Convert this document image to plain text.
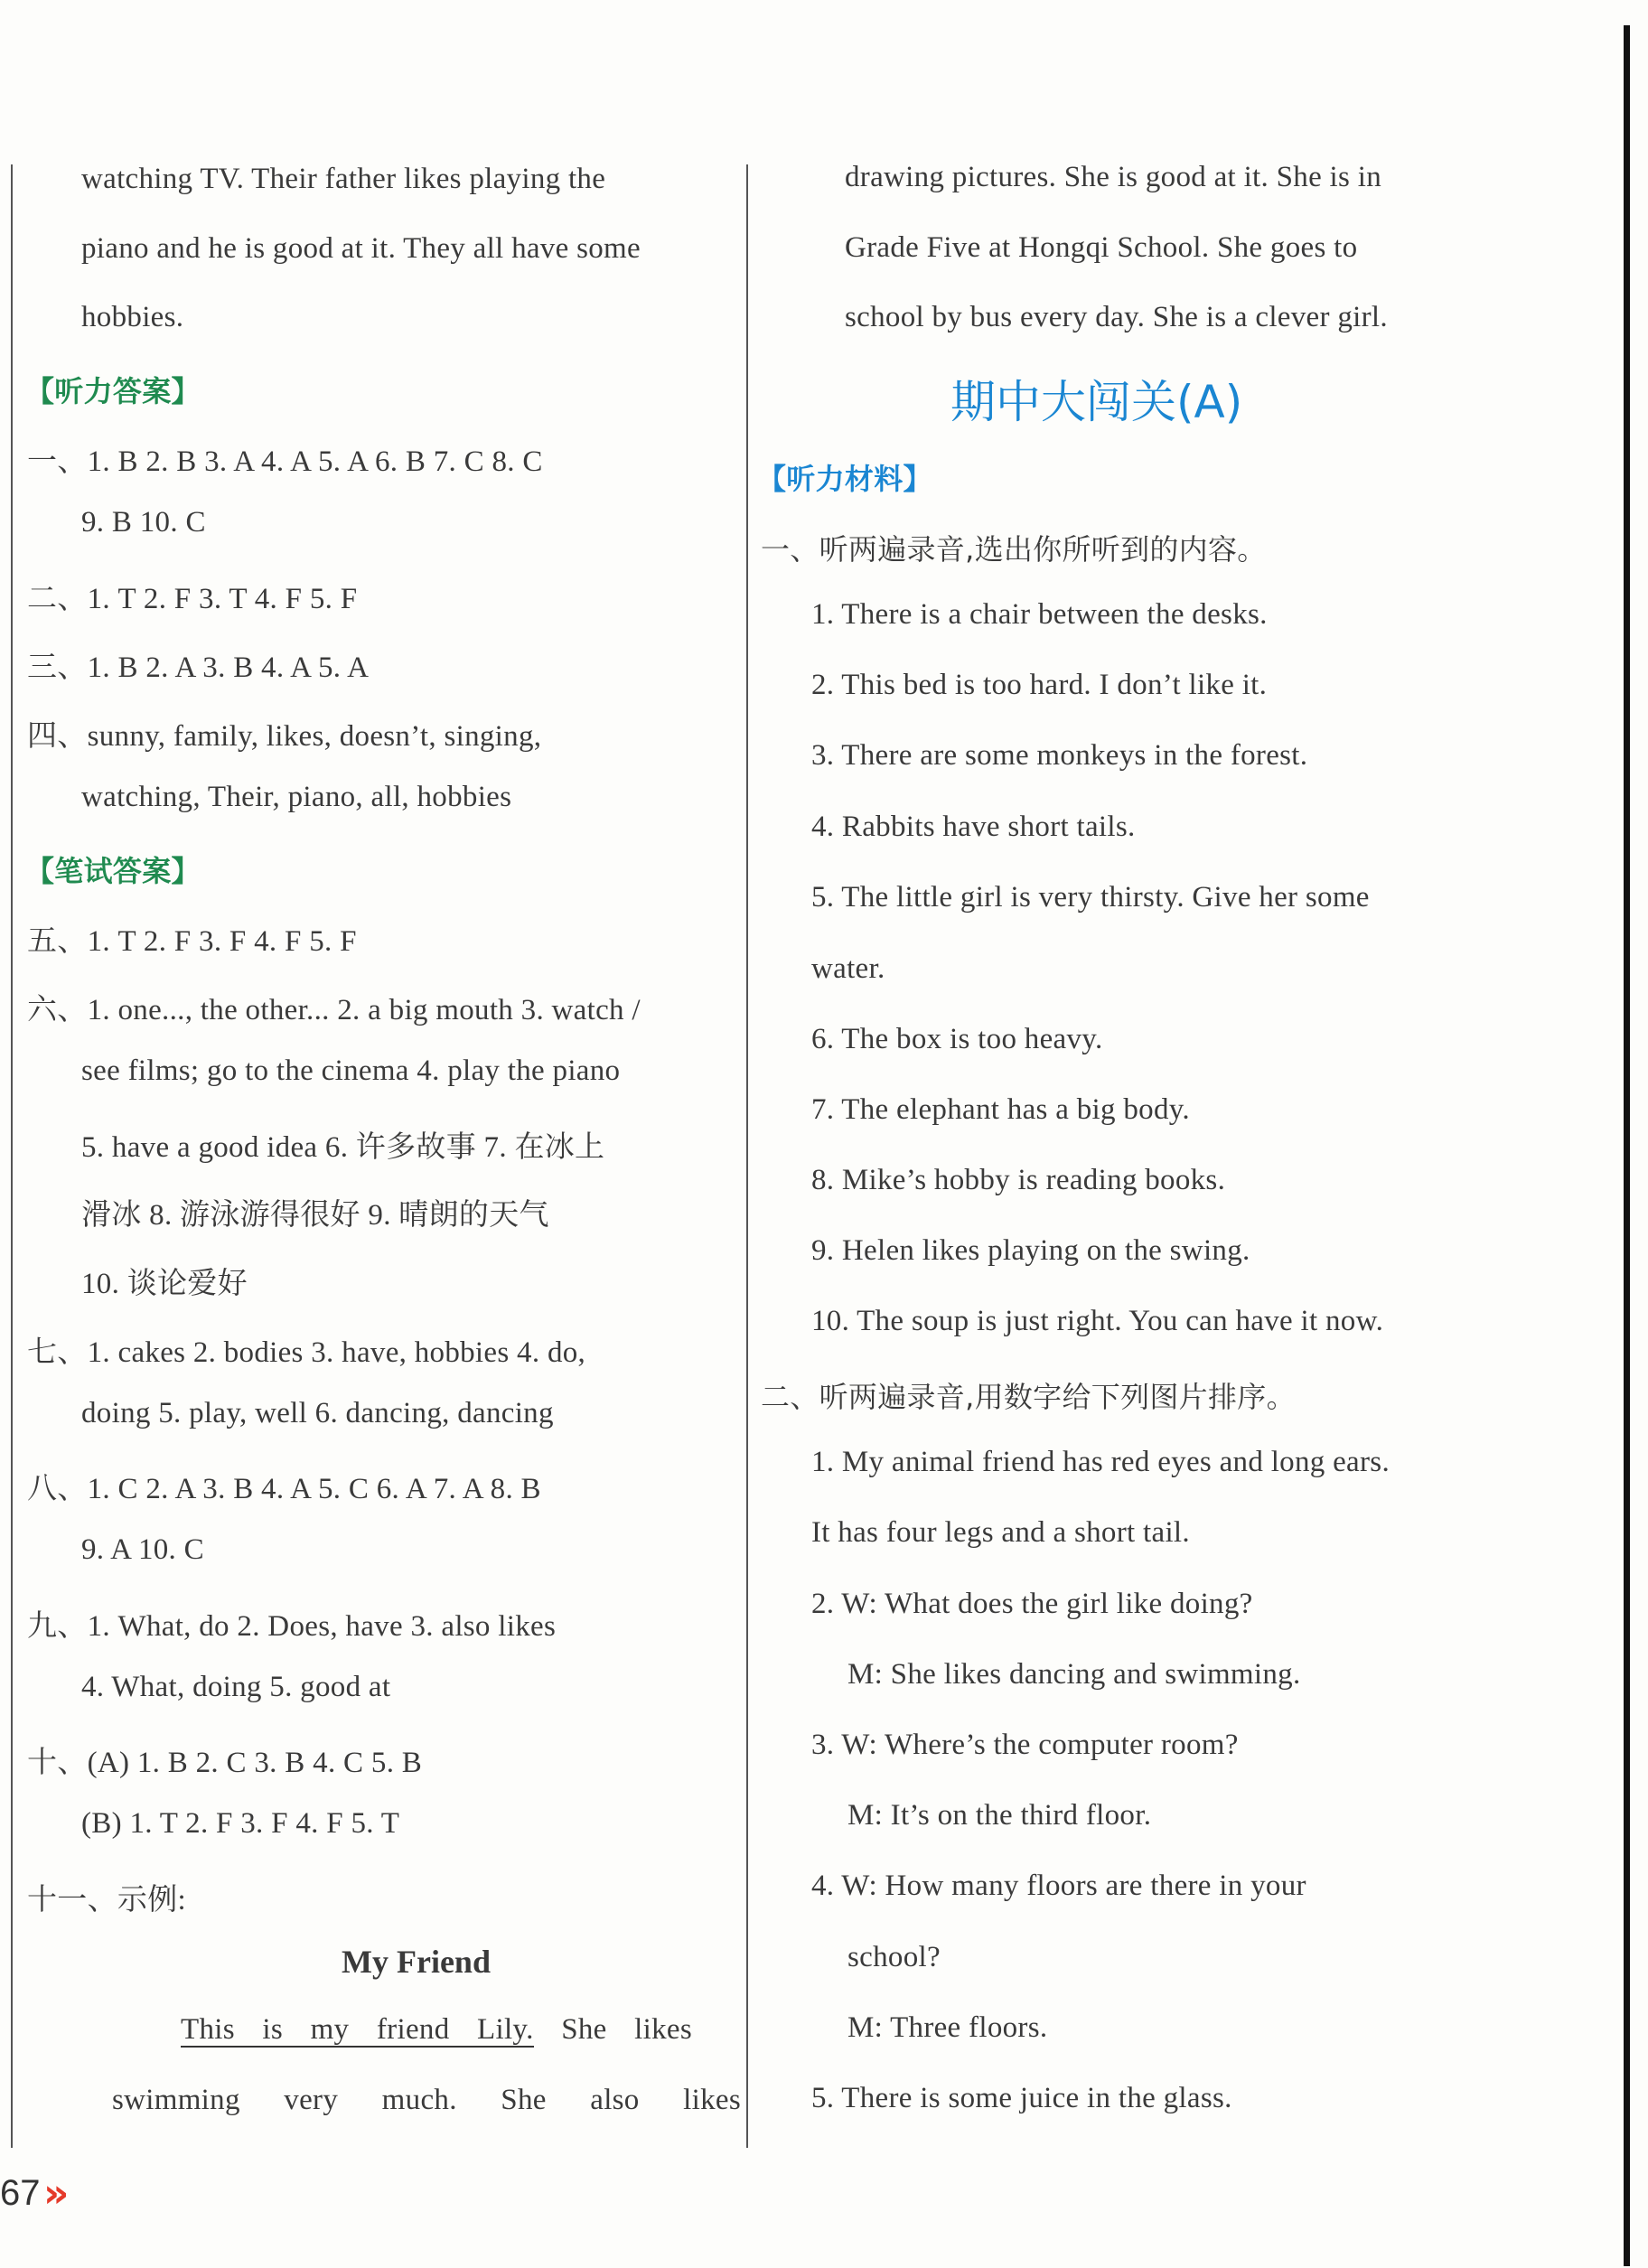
watching TV. Their father likes playing the
piano and he is good at it. They all have some
hobbies.
【听力答案】
一、1. B 2. B 3. A 4. A 5. A 6. B 7. C 8. C
9. B 10. C
二、1. T 2. F 3. T 4. F 5. F
三、1. B 2. A 3. B 4. A 5. A
四、sunny, family, likes, doesn’t, singing,
watching, Their, piano, all, hobbies
【笔试答案】
五、1. T 2. F 3. F 4. F 5. F
六、1. one..., the other... 2. a big mouth 3. watch /
see films; go to the cinema 4. play the piano
5. have a good idea 6. 许多故事 7. 在冰上
滑冰 8. 游泳游得很好 9. 晴朗的天气
10. 谈论爱好
七、1. cakes 2. bodies 3. have, hobbies 4. do,
doing 5. play, well 6. dancing, dancing
八、1. C 2. A 3. B 4. A 5. C 6. A 7. A 8. B
9. A 10. C
九、1. What, do 2. Does, have 3. also likes
4. What, doing 5. good at
十、(A) 1. B 2. C 3. B 4. C 5. B
(B) 1. T 2. F 3. F 4. F 5. T
十一、示例:
My Friend
This is my friend Lily. She likes
swimming very much. She also likes
drawing pictures. She is good at it. She is in
Grade Five at Hongqi School. She goes to
school by bus every day. She is a clever girl.
期中大闯关(A)
【听力材料】
一、听两遍录音,选出你所听到的内容。
1. There is a chair between the desks.
2. This bed is too hard. I don’t like it.
3. There are some monkeys in the forest.
4. Rabbits have short tails.
5. The little girl is very thirsty. Give her some
water.
6. The box is too heavy.
7. The elephant has a big body.
8. Mike’s hobby is reading books.
9. Helen likes playing on the swing.
10. The soup is just right. You can have it now.
二、听两遍录音,用数字给下列图片排序。
1. My animal friend has red eyes and long ears.
It has four legs and a short tail.
2. W: What does the girl like doing?
M: She likes dancing and swimming.
3. W: Where’s the computer room?
M: It’s on the third floor.
4. W: How many floors are there in your
school?
M: Three floors.
5. There is some juice in the glass.
67 »
